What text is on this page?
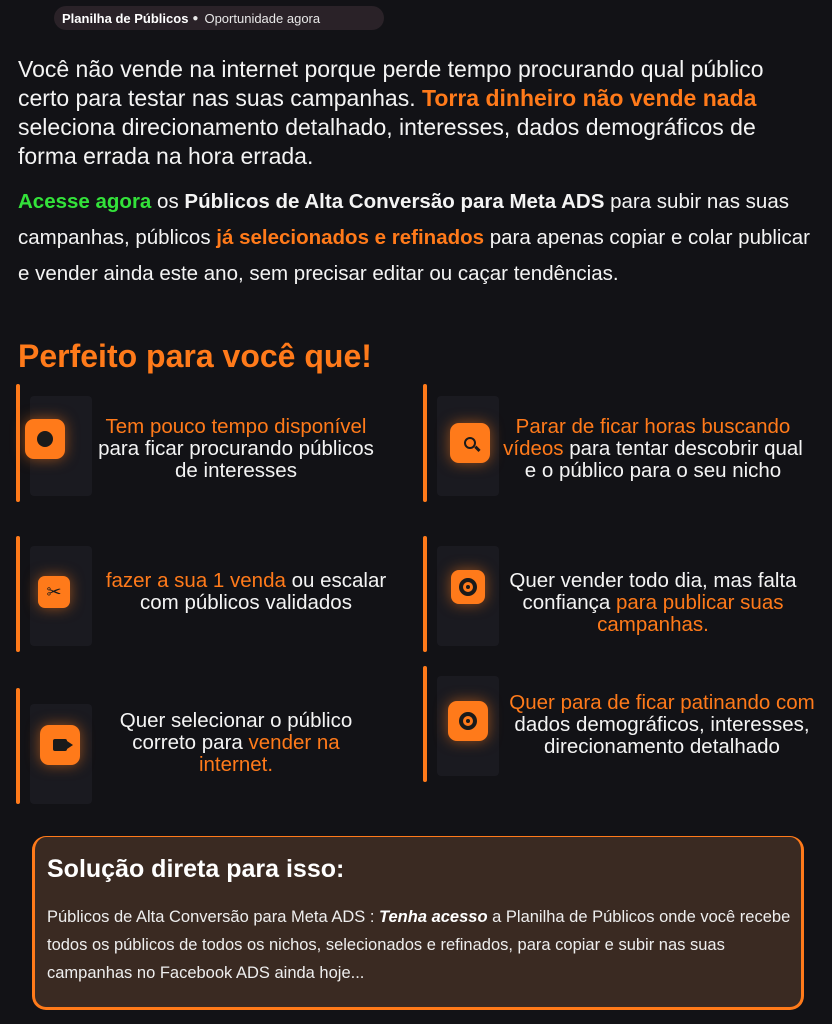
Planilha de Públicos ● Oportunidade agora

Você não vende na internet porque perde tempo procurando qual público certo para testar nas suas campanhas. Torra dinheiro não vende nada seleciona direcionamento detalhado, interesses, dados demográficos de forma errada na hora errada.

Acesse agora os Públicos de Alta Conversão para Meta ADS para subir nas suas campanhas, públicos já selecionados e refinados para apenas copiar e colar publicar e vender ainda este ano, sem precisar editar ou caçar tendências.

Perfeito para você que!

Tem pouco tempo disponível para ficar procurando públicos de interesses

Parar de ficar horas buscando vídeos para tentar descobrir qual e o público para o seu nicho

✂	fazer a sua 1 venda ou escalar com públicos validados

Quer vender todo dia, mas falta confiança para publicar suas campanhas.

Quer selecionar o público correto para vender na internet.

Quer para de ficar patinando com dados demográficos, interesses, direcionamento detalhado

Solução direta para isso:

Públicos de Alta Conversão para Meta ADS : Tenha acesso a Planilha de Públicos onde você recebe todos os públicos de todos os nichos, selecionados e refinados, para copiar e subir nas suas campanhas no Facebook ADS ainda hoje...
